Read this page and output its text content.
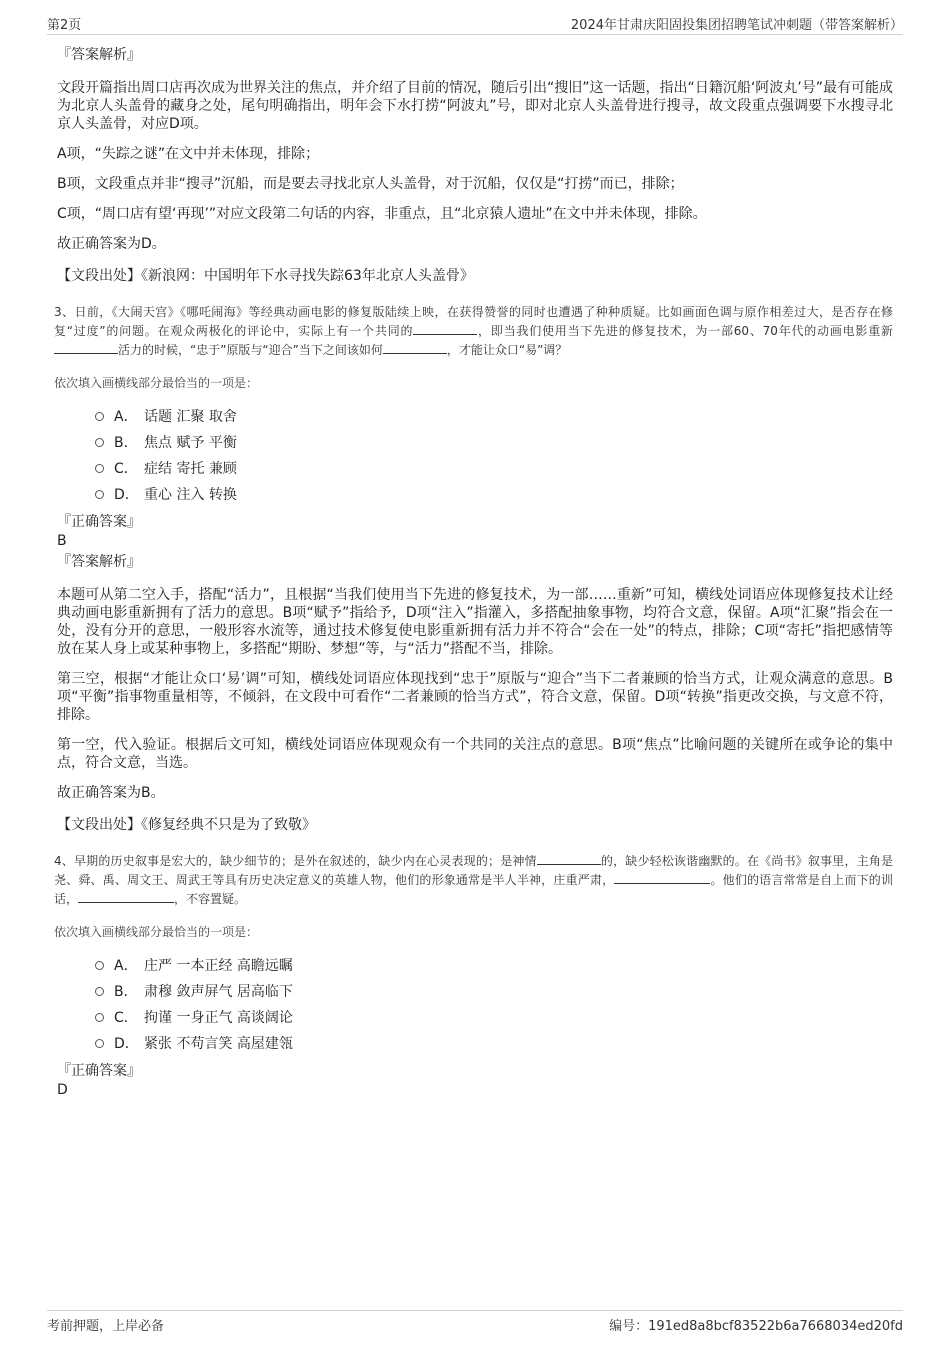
第2页	2024年甘肃庆阳固投集团招聘笔试冲刺题（带答案解析）
『答案解析』

文段开篇指出周口店再次成为世界关注的焦点，并介绍了目前的情况，随后引出“搜旧”这一话题，指出“日籍沉船‘阿波丸’号”最有可能成为北京人头盖骨的藏身之处，尾句明确指出，明年会下水打捞“阿波丸”号，即对北京人头盖骨进行搜寻，故文段重点强调要下水搜寻北京人头盖骨，对应D项。

A项，“失踪之谜”在文中并未体现，排除；

B项，文段重点并非“搜寻”沉船，而是要去寻找北京人头盖骨，对于沉船，仅仅是“打捞”而已，排除；

C项，“周口店有望‘再现’”对应文段第二句话的内容，非重点，且“北京猿人遗址”在文中并未体现，排除。

故正确答案为D。

【文段出处】《新浪网：中国明年下水寻找失踪63年北京人头盖骨》

3、日前，《大闹天宫》《哪吒闹海》等经典动画电影的修复版陆续上映，在获得赞誉的同时也遭遇了种种质疑。比如画面色调与原作相差过大，是否存在修复“过度”的问题。在观众两极化的评论中，实际上有一个共同的	，即当我们使用当下先进的修复技术，为一部60、70年代的动画电影重新活力的时候，“忠于”原版与“迎合”当下之间该如何	，才能让众口“易”调？

依次填入画横线部分最恰当的一项是：

A． 话题 汇聚 取舍
B． 焦点 赋予 平衡
C． 症结 寄托 兼顾
D． 重心 注入 转换
『正确答案』
B
『答案解析』

本题可从第二空入手，搭配“活力”，且根据“当我们使用当下先进的修复技术，为一部……重新”可知，横线处词语应体现修复技术让经典动画电影重新拥有了活力的意思。B项“赋予”指给予，D项“注入”指灌入，多搭配抽象事物，均符合文意，保留。A项“汇聚”指会在一处，没有分开的意思，一般形容水流等，通过技术修复使电影重新拥有活力并不符合“会在一处”的特点，排除；C项“寄托”指把感情等放在某人身上或某种事物上，多搭配“期盼、梦想”等，与“活力”搭配不当，排除。

第三空，根据“才能让众口‘易’调”可知，横线处词语应体现找到“忠于”原版与“迎合”当下二者兼顾的恰当方式，让观众满意的意思。B项“平衡”指事物重量相等，不倾斜，在文段中可看作“二者兼顾的恰当方式”，符合文意，保留。D项“转换”指更改交换，与文意不符，排除。

第一空，代入验证。根据后文可知，横线处词语应体现观众有一个共同的关注点的意思。B项“焦点”比喻问题的关键所在或争论的集中点，符合文意，当选。

故正确答案为B。

【文段出处】《修复经典不只是为了致敬》

4、早期的历史叙事是宏大的，缺少细节的；是外在叙述的，缺少内在心灵表现的；是神情	的，缺少轻松诙谐幽默的。在《尚书》叙事里，主角是尧、舜、禹、周文王、周武王等具有历史决定意义的英雄人物，他们的形象通常是半人半神，庄重严肃，	。他们的语言常常是自上而下的训话，	，不容置疑。

依次填入画横线部分最恰当的一项是：

A． 庄严 一本正经 高瞻远瞩
B． 肃穆 敛声屏气 居高临下
C． 拘谨 一身正气 高谈阔论
D． 紧张 不苟言笑 高屋建瓴
『正确答案』
D
考前押题，上岸必备	编号：191ed8a8bcf83522b6a7668034ed20fd
